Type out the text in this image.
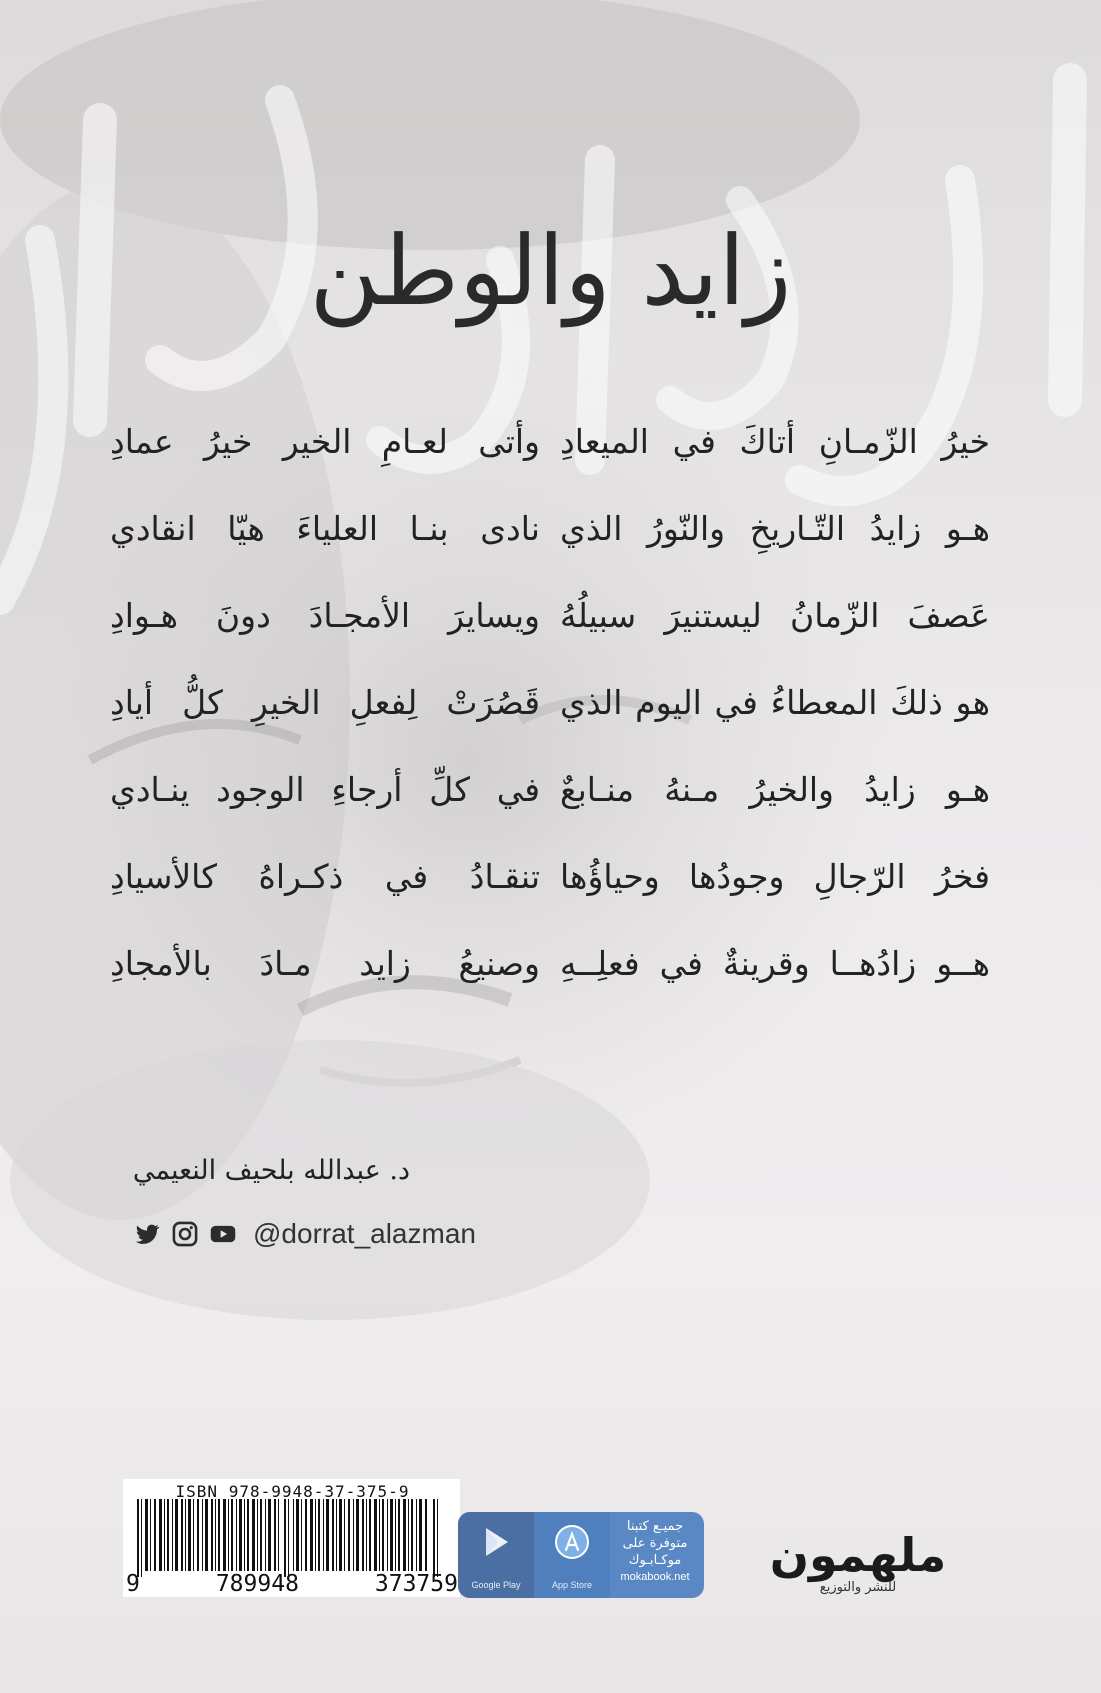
زايد والوطن
خيرُ الزّمـانِ أتاكَ في الميعادِ
وأتى لعـامِ الخير خيرُ عمادِ
هـو زايدُ التّـاريخِ والنّورُ الذي
نادى بنـا العلياءَ هيّا انقادي
عَصفَ الزّمانُ ليستنيرَ سبيلُهُ
ويسايرَ الأمجـادَ دونَ هـوادِ
هو ذلكَ المعطاءُ في اليوم الذي
قَصُرَتْ لِفعلِ الخيرِ كلُّ أيادِ
هـو زايدُ والخيرُ مـنهُ منـابعٌ
في كلِّ أرجاءِ الوجود ينـادي
فخرُ الرّجالِ وجودُها وحياؤُها
تنقـادُ في ذكـراهُ كالأسيادِ
هــو زادُهــا وقرينةٌ في فعلِــهِ
وصنيعُ زايد مـادَ بالأمجادِ
د. عبدالله بلحيف النعيمي
@dorrat_alazman
ISBN 978-9948-37-375-9
9	789948	373759	Google Play	App Store
جميـع كتبنا
متوفرة على
موكـابـوك
mokabook.net	ملهمون
للنشر والتوزيع
